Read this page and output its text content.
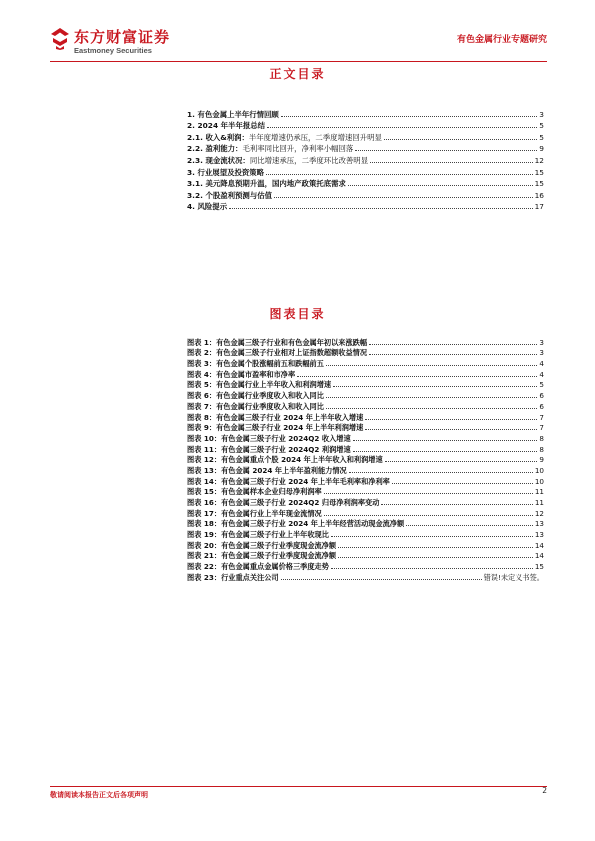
东方财富证券
Eastmoney Securities
有色金属行业专题研究
正文目录
1. 有色金属上半年行情回顾	3
2. 2024 年半年报总结	5
2.1. 收入&利润：半年度增速仍承压，二季度增速回升明显	5
2.2. 盈利能力：毛利率同比回升，净利率小幅回落	9
2.3. 现金流状况：同比增速承压，二季度环比改善明显	12
3. 行业展望及投资策略	15
3.1. 美元降息预期升温，国内地产政策托底需求	15
3.2. 个股盈利预测与估值	16
4. 风险提示	17
图表目录
图表 1：有色金属三级子行业和有色金属年初以来涨跌幅	3
图表 2：有色金属三级子行业相对上证指数超额收益情况	3
图表 3：有色金属个股涨幅前五和跌幅前五	4
图表 4：有色金属市盈率和市净率	4
图表 5：有色金属行业上半年收入和利润增速	5
图表 6：有色金属行业季度收入和收入同比	6
图表 7：有色金属行业季度收入和收入同比	6
图表 8：有色金属三级子行业 2024 年上半年收入增速	7
图表 9：有色金属三级子行业 2024 年上半年利润增速	7
图表 10：有色金属三级子行业 2024Q2 收入增速	8
图表 11：有色金属三级子行业 2024Q2 利润增速	8
图表 12：有色金属重点个股 2024 年上半年收入和利润增速	9
图表 13：有色金属 2024 年上半年盈利能力情况	10
图表 14：有色金属三级子行业 2024 年上半年毛利率和净利率	10
图表 15：有色金属样本企业归母净利润率	11
图表 16：有色金属三级子行业 2024Q2 归母净利润率变动	11
图表 17：有色金属行业上半年现金流情况	12
图表 18：有色金属三级子行业 2024 年上半年经营活动现金流净额	13
图表 19：有色金属三级子行业上半年收现比	13
图表 20：有色金属三级子行业季度现金流净额	14
图表 21：有色金属三级子行业季度现金流净额	14
图表 22：有色金属重点金属价格三季度走势	15
图表 23：行业重点关注公司	错误!未定义书签。
敬请阅读本报告正文后各项声明	2
